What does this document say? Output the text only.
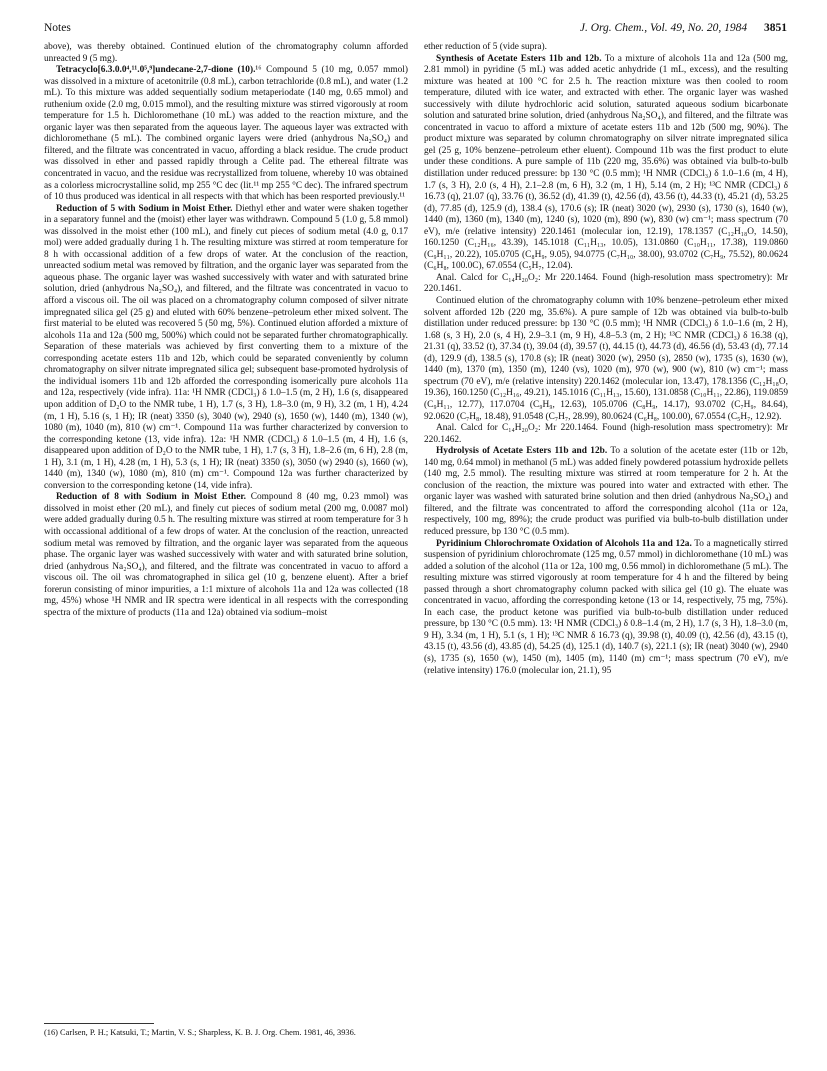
Notes	J. Org. Chem., Vol. 49, No. 20, 1984 3851

above), was thereby obtained. Continued elution of the chromatography column afforded unreacted 9 (5 mg).

Tetracyclo[6.3.0.0⁴,¹¹.0⁵,⁹]undecane-2,7-dione (10).¹⁶ Compound 5 (10 mg, 0.057 mmol) was dissolved in a mixture of acetonitrile (0.8 mL), carbon tetrachloride (0.8 mL), and water (1.2 mL). To this mixture was added sequentially sodium metaperiodate (140 mg, 0.65 mmol) and ruthenium oxide (2.0 mg, 0.015 mmol), and the resulting mixture was stirred vigorously at room temperature for 1.5 h. Dichloromethane (10 mL) was added to the reaction mixture, and the organic layer was then separated from the aqueous layer. The aqueous layer was extracted with dichloromethane (5 mL). The combined organic layers were dried (anhydrous Na₂SO₄) and filtered, and the filtrate was concentrated in vacuo, affording a black residue. The crude product was dissolved in ether and passed rapidly through a Celite pad. The ethereal filtrate was concentrated in vacuo, and the residue was recrystallized from toluene, whereby 10 was obtained as a colorless microcrystalline solid, mp 255 °C dec (lit.¹¹ mp 255 °C dec). The infrared spectrum of 10 thus produced was identical in all respects with that which has been resported previously.¹¹

Reduction of 5 with Sodium in Moist Ether. Diethyl ether and water were shaken together in a separatory funnel and the (moist) ether layer was withdrawn. Compound 5 (1.0 g, 5.8 mmol) was dissolved in the moist ether (100 mL), and finely cut pieces of sodium metal (4.0 g, 0.17 mol) were added gradually during 1 h. The resulting mixture was stirred at room temperature for 8 h with occassional addition of a few drops of water. At the conclusion of the reaction, unreacted sodium metal was removed by filtration, and the organic layer was separated from the aqueous phase. The organic layer was washed successively with water and with saturated brine solution, dried (anhydrous Na₂SO₄), and filtered, and the filtrate was concentrated in vacuo to afford a viscous oil. The oil was placed on a chromatography column composed of silver nitrate impregnated silica gel (25 g) and eluted with 60% benzene–petroleum ether mixed solvent. The first material to be eluted was recovered 5 (50 mg, 5%). Continued elution afforded a mixture of alcohols 11a and 12a (500 mg, 500%) which could not be separated further chromatographically. Separation of these materials was achieved by first converting them to a mixture of the corresponding acetate esters 11b and 12b, which could be separated conveniently by column chromatography on silver nitrate impregnated silica gel; subsequent base-promoted hydrolysis of the individual isomers 11b and 12b afforded the corresponding isomerically pure alcohols 11a and 12a, respectively (vide infra). 11a: ¹H NMR (CDCl₃) δ 1.0–1.5 (m, 2 H), 1.6 (s, disappeared upon addition of D₂O to the NMR tube, 1 H), 1.7 (s, 3 H), 1.8–3.0 (m, 9 H), 3.2 (m, 1 H), 4.24 (m, 1 H), 5.16 (s, 1 H); IR (neat) 3350 (s), 3040 (w), 2940 (s), 1650 (w), 1440 (m), 1340 (w), 1080 (m), 1040 (m), 810 (w) cm⁻¹. Compound 11a was further characterized by conversion to the corresponding ketone (13, vide infra). 12a: ¹H NMR (CDCl₃) δ 1.0–1.5 (m, 4 H), 1.6 (s, disappeared upon addition of D₂O to the NMR tube, 1 H), 1.7 (s, 3 H), 1.8–2.6 (m, 6 H), 2.8 (m, 1 H), 3.1 (m, 1 H), 4.28 (m, 1 H), 5.3 (s, 1 H); IR (neat) 3350 (s), 3050 (w) 2940 (s), 1660 (w), 1440 (m), 1340 (w), 1080 (m), 810 (m) cm⁻¹. Compound 12a was further characterized by conversion to the corresponding ketone (14, vide infra).

Reduction of 8 with Sodium in Moist Ether. Compound 8 (40 mg, 0.23 mmol) was dissolved in moist ether (20 mL), and finely cut pieces of sodium metal (200 mg, 0.0087 mol) were added gradually during 0.5 h. The resulting mixture was stirred at room temperature for 3 h with occassional additional of a few drops of water. At the conclusion of the reaction, unreacted sodium metal was removed by filtration, and the organic layer was separated from the aqueous phase. The organic layer was washed successively with water and with saturated brine solution, dried (anhydrous Na₂SO₄), and filtered, and the filtrate was concentrated in vacuo to afford a viscous oil. The oil was chromatographed in silica gel (10 g, benzene eluent). After a brief forerun consisting of minor impurities, a 1:1 mixture of alcohols 11a and 12a was collected (18 mg, 45%) whose ¹H NMR and IR spectra were identical in all respects with the corresponding spectra of the mixture of products (11a and 12a) obtained via sodium–moist

ether reduction of 5 (vide supra).

Synthesis of Acetate Esters 11b and 12b. To a mixture of alcohols 11a and 12a (500 mg, 2.81 mmol) in pyridine (5 mL) was added acetic anhydride (1 mL, excess), and the resulting mixture was heated at 100 °C for 2.5 h. The reaction mixture was then cooled to room temperature, diluted with ice water, and extracted with ether. The organic layer was washed successively with dilute hydrochloric acid solution, saturated aqueous sodium bicarbonate solution and saturated brine solution, dried (anhydrous Na₂SO₄), and filtered, and the filtrate was concentrated in vacuo to afford a mixture of acetate esters 11b and 12b (500 mg, 90%). The product mixture was separated by column chromatography on silver nitrate impregnated silica gel (25 g, 10% benzene–petroleum ether eluent). Compound 11b was the first product to elute under these conditions. A pure sample of 11b (220 mg, 35.6%) was obtained via bulb-to-bulb distillation under reduced pressure: bp 130 °C (0.5 mm); ¹H NMR (CDCl₃) δ 1.0–1.6 (m, 4 H), 1.7 (s, 3 H), 2.0 (s, 4 H), 2.1–2.8 (m, 6 H), 3.2 (m, 1 H), 5.14 (m, 2 H); ¹³C NMR (CDCl₃) δ 16.73 (q), 21.07 (q), 33.76 (t), 36.52 (d), 41.39 (t), 42.56 (d), 43.56 (t), 44.33 (t), 45.21 (d), 53.25 (d), 77.85 (d), 125.9 (d), 138.4 (s), 170.6 (s); IR (neat) 3020 (w), 2930 (s), 1730 (s), 1640 (w), 1440 (m), 1360 (m), 1340 (m), 1240 (s), 1020 (m), 890 (w), 830 (w) cm⁻¹; mass spectrum (70 eV), m/e (relative intensity) 220.1461 (molecular ion, 12.19), 178.1357 (C₁₂H₁₈O, 14.50), 160.1250 (C₁₂H₁₆, 43.39), 145.1018 (C₁₁H₁₃, 10.05), 131.0860 (C₁₀H₁₁, 17.38), 119.0860 (C₉H₁₁, 20.22), 105.0705 (C₈H₉, 9.05), 94.0775 (C₇H₁₀, 38.00), 93.0702 (C₇H₉, 75.52), 80.0624 (C₆H₈, 100.0C), 67.0554 (C₅H₇, 12.04).

Anal. Calcd for C₁₄H₂₀O₂: Mr 220.1464. Found (high-resolution mass spectrometry): Mr 220.1461.

Continued elution of the chromatography column with 10% benzene–petroleum ether mixed solvent afforded 12b (220 mg, 35.6%). A pure sample of 12b was obtained via bulb-to-bulb distillation under reduced pressure: bp 130 °C (0.5 mm); ¹H NMR (CDCl₃) δ 1.0–1.6 (m, 2 H), 1.68 (s, 3 H), 2.0 (s, 4 H), 2.9–3.1 (m, 9 H), 4.8–5.3 (m, 2 H); ¹³C NMR (CDCl₃) δ 16.38 (q), 21.31 (q), 33.52 (t), 37.34 (t), 39.04 (d), 39.57 (t), 44.15 (t), 44.73 (d), 46.56 (d), 53.43 (d), 77.14 (d), 129.9 (d), 138.5 (s), 170.8 (s); IR (neat) 3020 (w), 2950 (s), 2850 (w), 1735 (s), 1630 (w), 1440 (m), 1370 (m), 1350 (m), 1240 (vs), 1020 (m), 970 (w), 900 (w), 810 (w) cm⁻¹; mass spectrum (70 eV), m/e (relative intensity) 220.1462 (molecular ion, 13.47), 178.1356 (C₁₂H₁₈O, 19.36), 160.1250 (C₁₂H₁₆, 49.21), 145.1016 (C₁₁H₁₃, 15.60), 131.0858 (C₁₀H₁₁, 22.86), 119.0859 (C₉H₁₁, 12.77), 117.0704 (C₉H₉, 12.63), 105.0706 (C₈H₉, 14.17), 93.0702 (C₇H₉, 84.64), 92.0620 (C₇H₈, 18.48), 91.0548 (C₇H₇, 28.99), 80.0624 (C₆H₈, 100.00), 67.0554 (C₅H₇, 12.92).

Anal. Calcd for C₁₄H₂₀O₂: Mr 220.1464. Found (high-resolution mass spectrometry): Mr 220.1462.

Hydrolysis of Acetate Esters 11b and 12b. To a solution of the acetate ester (11b or 12b, 140 mg, 0.64 mmol) in methanol (5 mL) was added finely powdered potassium hydroxide pellets (140 mg, 2.5 mmol). The resulting mixture was stirred at room temperature for 2 h. At the conclusion of the reaction, the mixture was poured into water and extracted with ether. The organic layer was washed with saturated brine solution and then dried (anhydrous Na₂SO₄) and filtered, and the filtrate was concentrated to afford the corresponding alcohol (11a or 12a, respectively, 100 mg, 89%); the crude product was purified via bulb-to-bulb distillation under reduced pressure, bp 130 °C (0.5 mm).

Pyridinium Chlorochromate Oxidation of Alcohols 11a and 12a. To a magnetically stirred suspension of pyridinium chlorochromate (125 mg, 0.57 mmol) in dichloromethane (10 mL) was added a solution of the alcohol (11a or 12a, 100 mg, 0.56 mmol) in dichloromethane (5 mL). The resulting mixture was stirred vigorously at room temperature for 4 h and the filtered by being passed through a short chromatography column packed with silica gel (10 g). The eluate was concentrated in vacuo, affording the corresponding ketone (13 or 14, respectively, 75 mg, 75%). In each case, the product ketone was purified via bulb-to-bulb distillation under reduced pressure, bp 130 °C (0.5 mm). 13: ¹H NMR (CDCl₃) δ 0.8–1.4 (m, 2 H), 1.7 (s, 3 H), 1.8–3.0 (m, 9 H), 3.34 (m, 1 H), 5.1 (s, 1 H); ¹³C NMR δ 16.73 (q), 39.98 (t), 40.09 (t), 42.56 (d), 43.15 (t), 43.15 (t), 43.56 (d), 43.85 (d), 54.25 (d), 125.1 (d), 140.7 (s), 221.1 (s); IR (neat) 3040 (w), 2940 (s), 1735 (s), 1650 (w), 1450 (m), 1405 (m), 1140 (m) cm⁻¹; mass spectrum (70 eV), m/e (relative intensity) 176.0 (molecular ion, 21.1), 95

(16) Carlsen, P. H.; Katsuki, T.; Martin, V. S.; Sharpless, K. B. J. Org. Chem. 1981, 46, 3936.
